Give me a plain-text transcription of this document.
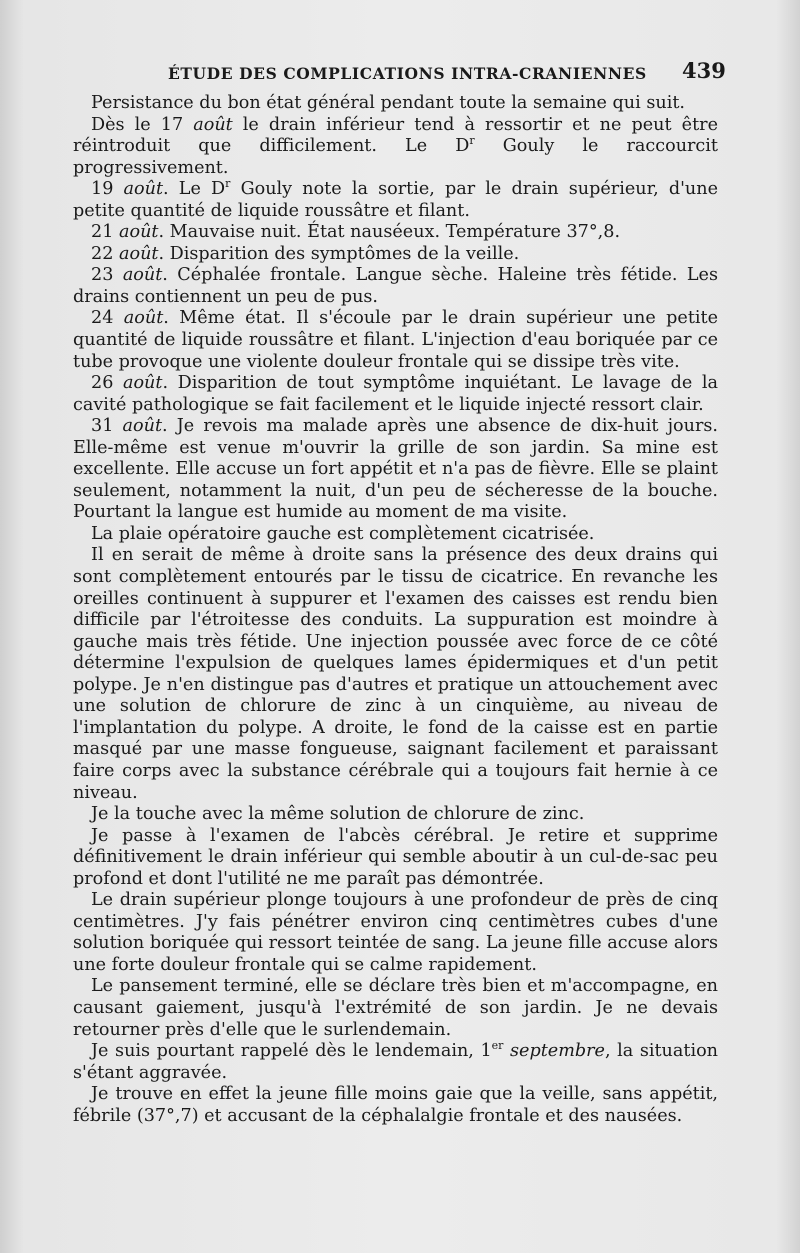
ÉTUDE DES COMPLICATIONS INTRA-CRANIENNES 439

Persistance du bon état général pendant toute la semaine qui suit.

Dès le 17 août le drain inférieur tend à ressortir et ne peut être réintroduit que difficilement. Le $D^r$ Gouly le raccourcit progressivement.

19 août. Le $D^r$ Gouly note la sortie, par le drain supérieur, d'une petite quantité de liquide roussâtre et filant.

21 août. Mauvaise nuit. État nauséeux. Température 37°,8.

22 août. Disparition des symptômes de la veille.

23 août. Céphalée frontale. Langue sèche. Haleine très fétide. Les drains contiennent un peu de pus.

24 août. Même état. Il s'écoule par le drain supérieur une petite quantité de liquide roussâtre et filant. L'injection d'eau boriquée par ce tube provoque une violente douleur frontale qui se dissipe très vite.

26 août. Disparition de tout symptôme inquiétant. Le lavage de la cavité pathologique se fait facilement et le liquide injecté ressort clair.

31 août. Je revois ma malade après une absence de dix-huit jours. Elle-même est venue m'ouvrir la grille de son jardin. Sa mine est excellente. Elle accuse un fort appétit et n'a pas de fièvre. Elle se plaint seulement, notamment la nuit, d'un peu de sécheresse de la bouche. Pourtant la langue est humide au moment de ma visite.

La plaie opératoire gauche est complètement cicatrisée.

Il en serait de même à droite sans la présence des deux drains qui sont complètement entourés par le tissu de cicatrice. En revanche les oreilles continuent à suppurer et l'examen des caisses est rendu bien difficile par l'étroitesse des conduits. La suppuration est moindre à gauche mais très fétide. Une injection poussée avec force de ce côté détermine l'expulsion de quelques lames épidermiques et d'un petit polype. Je n'en distingue pas d'autres et pratique un attouchement avec une solution de chlorure de zinc à un cinquième, au niveau de l'implantation du polype. A droite, le fond de la caisse est en partie masqué par une masse fongueuse, saignant facilement et paraissant faire corps avec la substance cérébrale qui a toujours fait hernie à ce niveau.

Je la touche avec la même solution de chlorure de zinc.

Je passe à l'examen de l'abcès cérébral. Je retire et supprime définitivement le drain inférieur qui semble aboutir à un cul-de-sac peu profond et dont l'utilité ne me paraît pas démontrée.

Le drain supérieur plonge toujours à une profondeur de près de cinq centimètres. J'y fais pénétrer environ cinq centimètres cubes d'une solution boriquée qui ressort teintée de sang. La jeune fille accuse alors une forte douleur frontale qui se calme rapidement.

Le pansement terminé, elle se déclare très bien et m'accompagne, en causant gaiement, jusqu'à l'extrémité de son jardin. Je ne devais retourner près d'elle que le surlendemain.

Je suis pourtant rappelé dès le lendemain, 1er septembre, la situation s'étant aggravée.

Je trouve en effet la jeune fille moins gaie que la veille, sans appétit, fébrile (37°,7) et accusant de la céphalalgie frontale et des nausées.
